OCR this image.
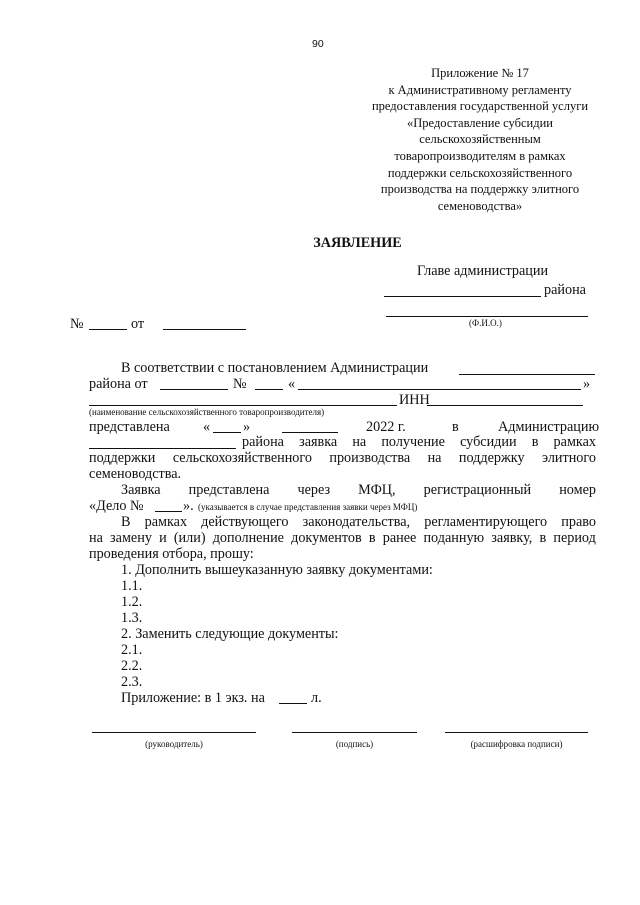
90
Приложение № 17
к Административному регламенту
предоставления государственной услуги
«Предоставление субсидии
сельскохозяйственным
товаропроизводителям в рамках
поддержки сельскохозяйственного
производства на поддержку элитного
семеноводства»
ЗАЯВЛЕНИЕ
Главе администрации
района
(Ф.И.О.)
№	от
В соответствии с постановлением Администрации
района от	№	«	»
ИНН
(наименование сельскохозяйственного товаропроизводителя)
представлена « »	2022 г.	в	Администрацию
района заявка на получение субсидии в рамках
поддержки сельскохозяйственного производства на поддержку элитного
семеноводства.
Заявка представлена через МФЦ, регистрационный номер
«Дело №	». (указывается в случае представления заявки через МФЦ)
В рамках действующего законодательства, регламентирующего право
на замену и (или) дополнение документов в ранее поданную заявку, в период
проведения отбора, прошу:
1. Дополнить вышеуказанную заявку документами:
1.1.
1.2.
1.3.
2. Заменить следующие документы:
2.1.
2.2.
2.3.
Приложение: в 1 экз. на	л.
(руководитель)	(подпись)	(расшифровка подписи)
